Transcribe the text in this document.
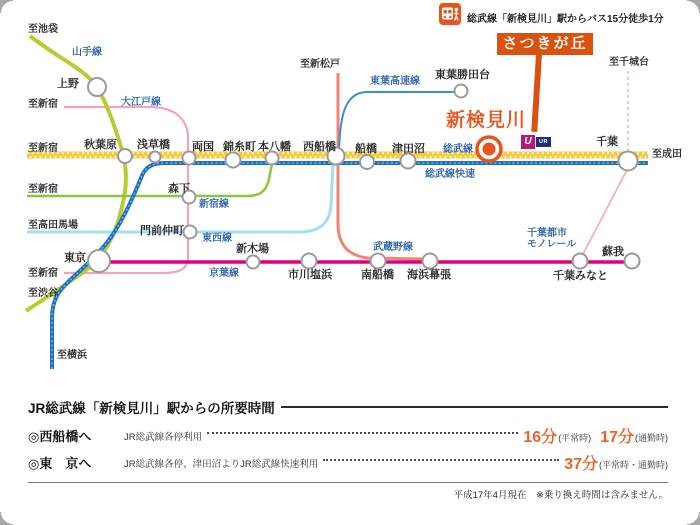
至池袋
至新宿
至新宿
至新宿
至高田馬場
至新宿
至渋谷
至横浜
至新松戸	至千城台
至成田
山手線
大江戸線
新宿線
東西線
京葉線
武蔵野線
東葉高速線
総武線
総武線快速
千葉都市
モノレール
上野
秋葉原 浅草橋 両国 錦糸町 本八幡 西船橋 船橋 津田沼
千葉
東葉勝田台
森下
門前仲町
東京
新木場
市川塩浜	南船橋 海浜幕張	千葉みなと
蘇我
総武線「新検見川」駅からバス15分徒歩1分
さつきが丘
新検見川
U	UR
JR総武線「新検見川」駅からの所要時間
◎西船橋へ	JR総武線各停利用	16分 (平常時) 17分 (通勤時)
◎東　京へ	JR総武線各停、津田沼よりJR総武線快速利用	37分 (平常時・通勤時)
平成17年4月現在　※乗り換え時間は含みません。
